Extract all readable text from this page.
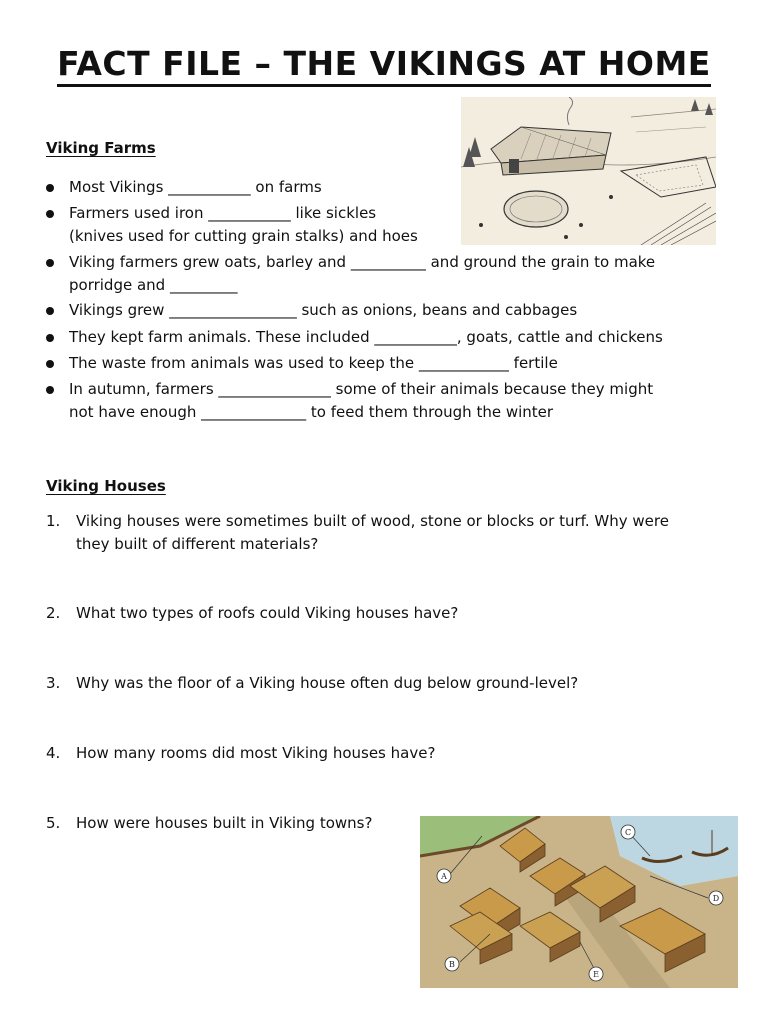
FACT FILE – THE VIKINGS AT HOME
Viking Farms
Most Vikings ___________ on farms
Farmers used iron ___________ like sickles
(knives used for cutting grain stalks) and hoes
Viking farmers grew oats, barley and __________ and ground the grain to make
porridge and _________
Vikings grew _________________ such as onions, beans and cabbages
They kept farm animals. These included ___________, goats, cattle and chickens
The waste from animals was used to keep the ____________ fertile
In autumn, farmers _______________ some of their animals because they might
not have enough ______________ to feed them through the winter
Viking Houses
1. Viking houses were sometimes built of wood, stone or blocks or turf. Why were
they built of different materials?
2. What two types of roofs could Viking houses have?
3. Why was the floor of a Viking house often dug below ground-level?
4. How many rooms did most Viking houses have?
5. How were houses built in Viking towns?
A
B
C
D
E
